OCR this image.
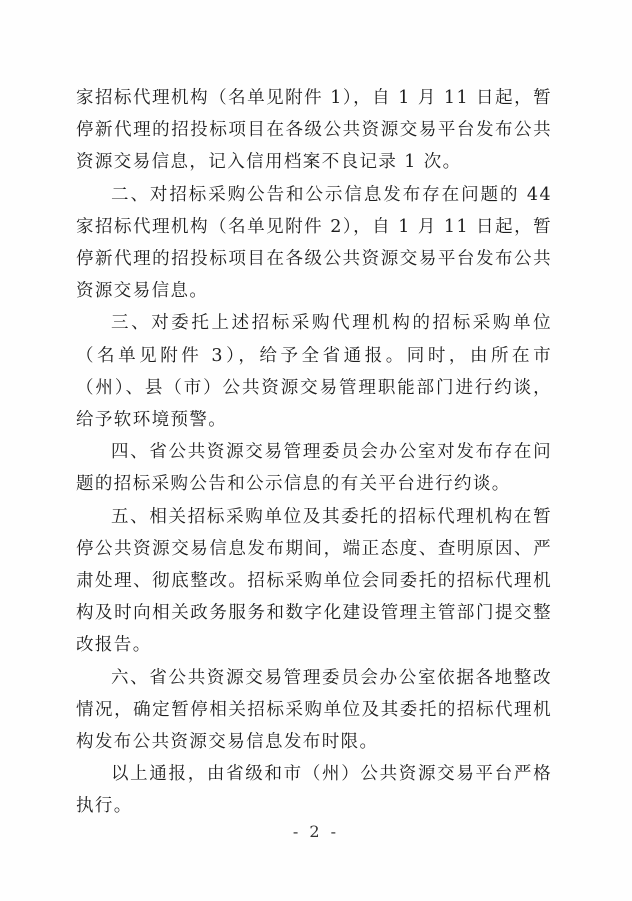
家招标代理机构（名单见附件 1），自 1 月 11 日起，暂停新代理的招投标项目在各级公共资源交易平台发布公共资源交易信息，记入信用档案不良记录 1 次。

二、对招标采购公告和公示信息发布存在问题的 44 家招标代理机构（名单见附件 2），自 1 月 11 日起，暂停新代理的招投标项目在各级公共资源交易平台发布公共资源交易信息。

三、对委托上述招标采购代理机构的招标采购单位（名单见附件 3），给予全省通报。同时，由所在市（州）、县（市）公共资源交易管理职能部门进行约谈，给予软环境预警。

四、省公共资源交易管理委员会办公室对发布存在问题的招标采购公告和公示信息的有关平台进行约谈。

五、相关招标采购单位及其委托的招标代理机构在暂停公共资源交易信息发布期间，端正态度、查明原因、严肃处理、彻底整改。招标采购单位会同委托的招标代理机构及时向相关政务服务和数字化建设管理主管部门提交整改报告。

六、省公共资源交易管理委员会办公室依据各地整改情况，确定暂停相关招标采购单位及其委托的招标代理机构发布公共资源交易信息发布时限。

以上通报，由省级和市（州）公共资源交易平台严格执行。

- 2 -
